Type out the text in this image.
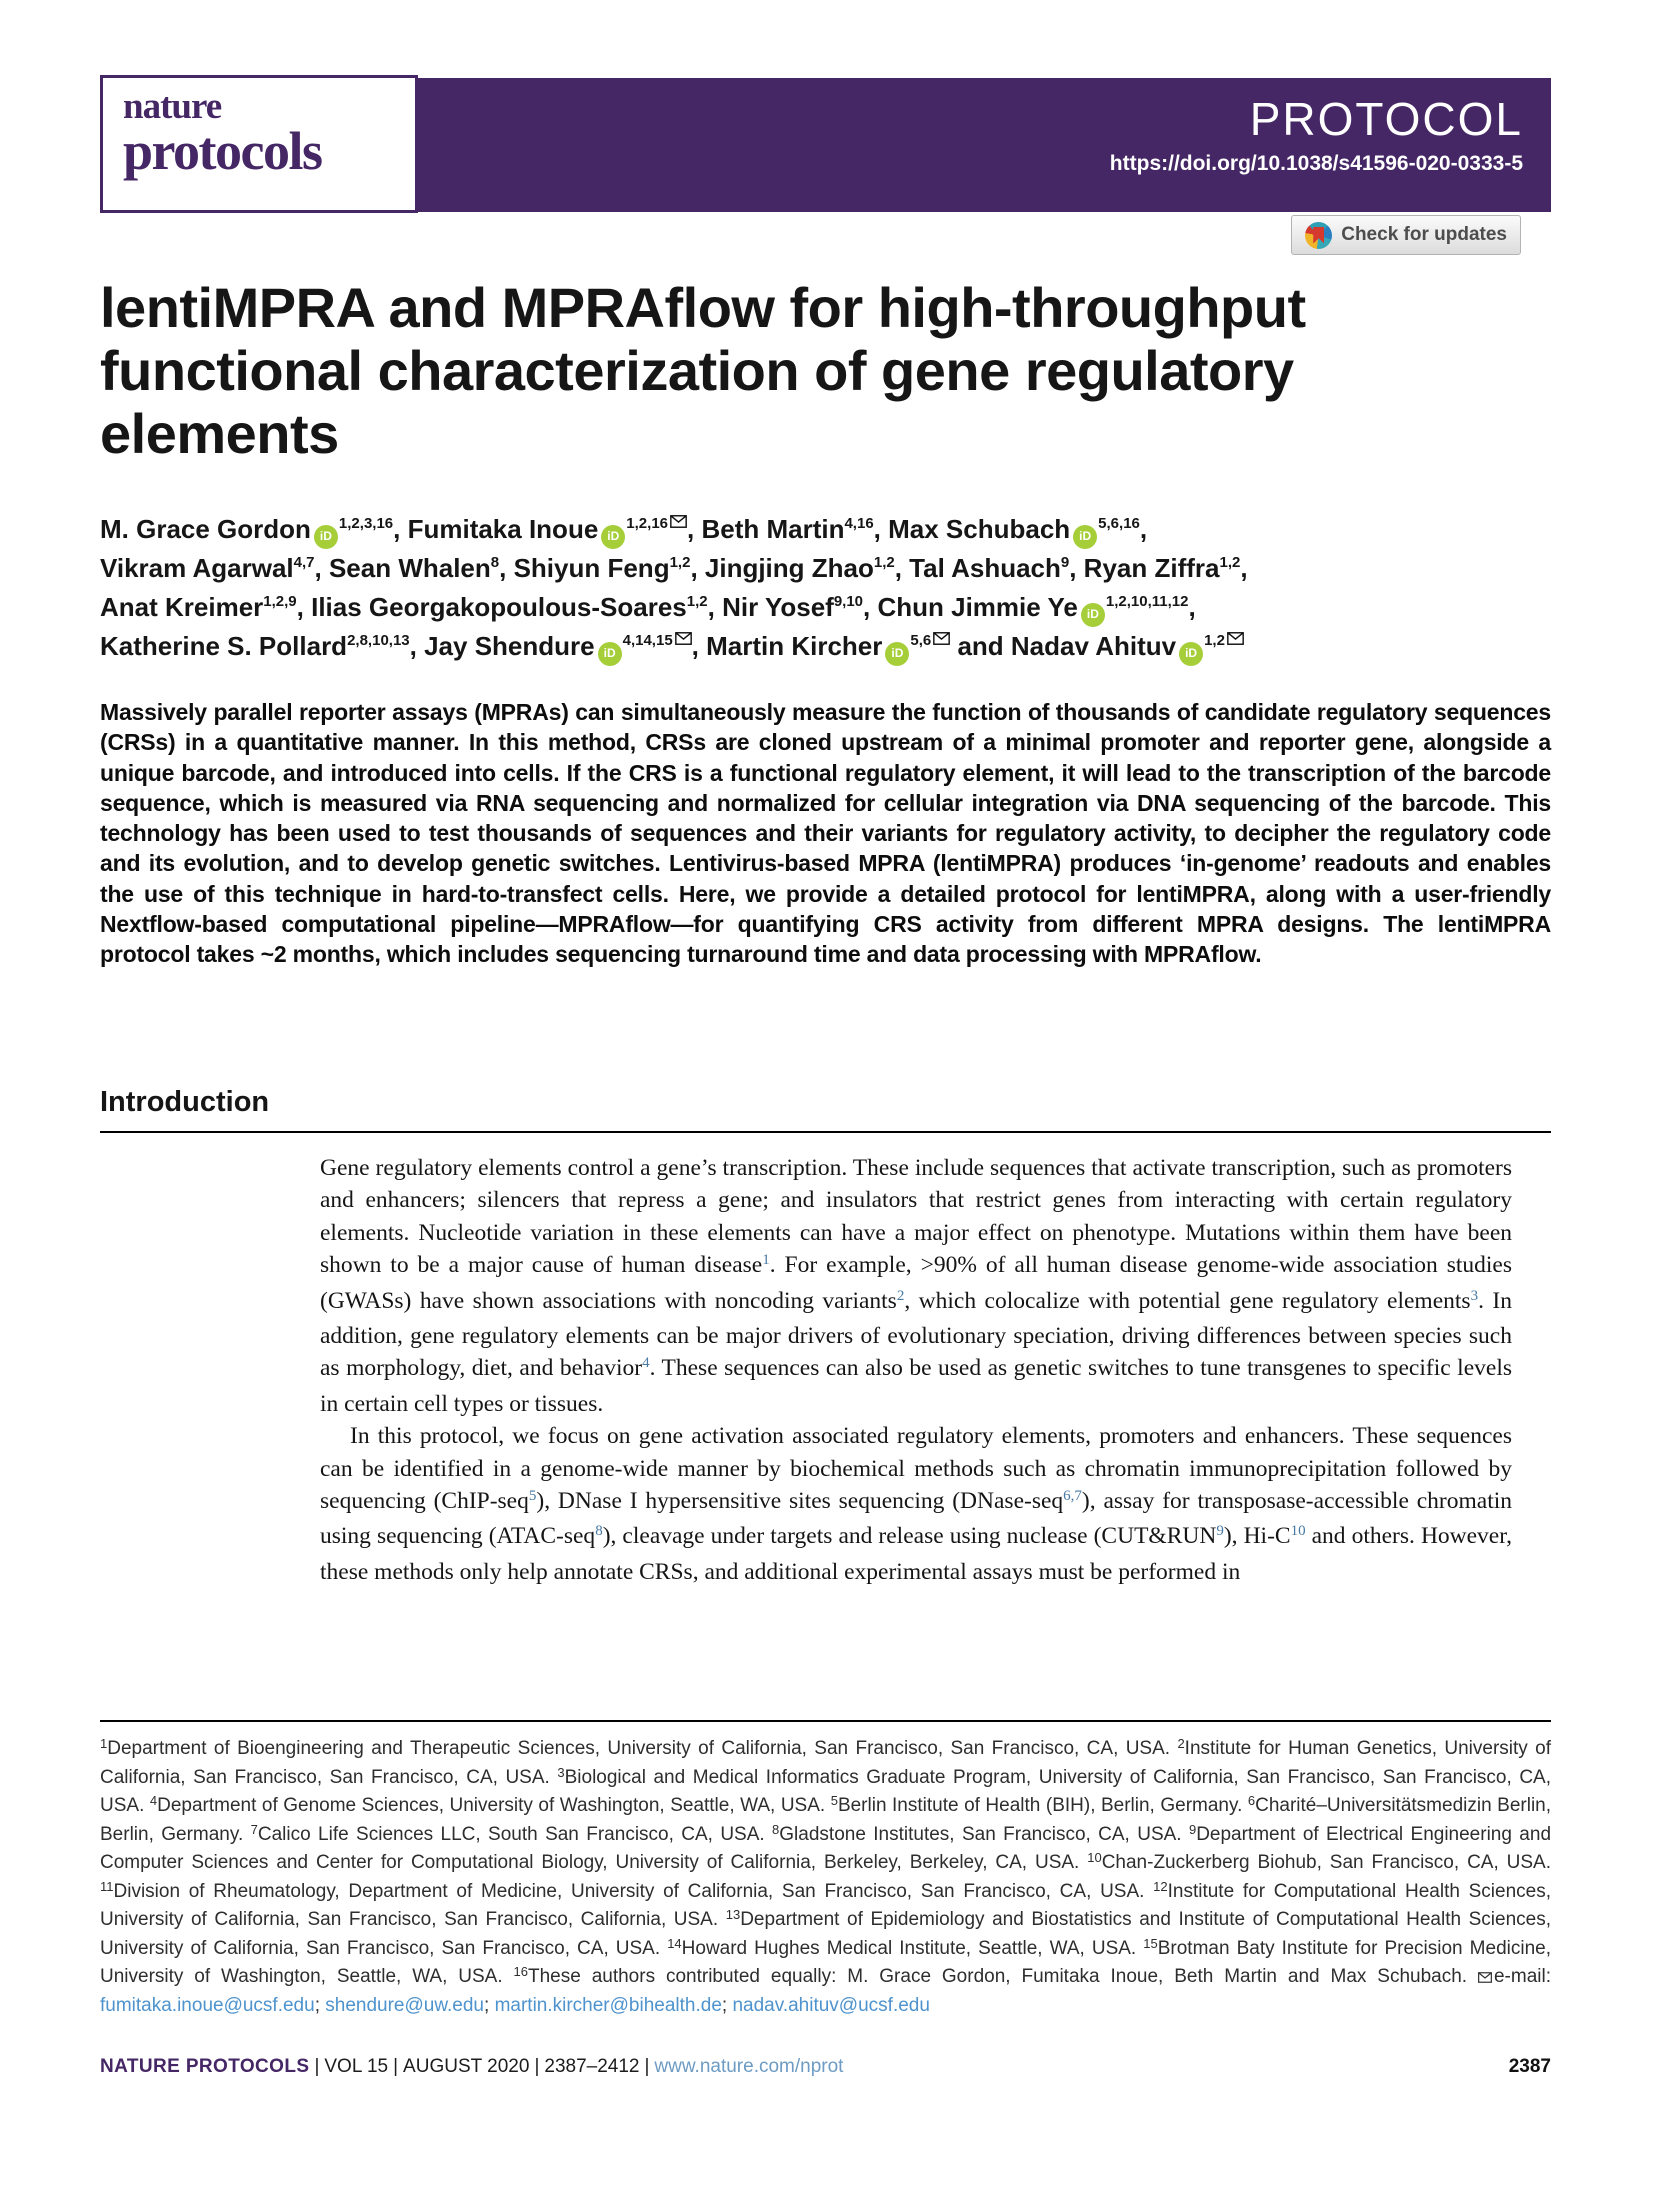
nature
protocols
PROTOCOL
https://doi.org/10.1038/s41596-020-0333-5
Check for updates
lentiMPRA and MPRAflow for high-throughput
functional characterization of gene regulatory
elements
M. Grace Gordon iD$^{1,2,3,16}$, Fumitaka Inoue iD$^{1,2,16}$ , Beth Martin$^{4,16}$, Max Schubach iD$^{5,6,16}$,
Vikram Agarwal$^{4,7}$, Sean Whalen$^8$, Shiyun Feng$^{1,2}$, Jingjing Zhao$^{1,2}$, Tal Ashuach$^9$, Ryan Ziffra$^{1,2}$,
Anat Kreimer$^{1,2,9}$, Ilias Georgakopoulous-Soares$^{1,2}$, Nir Yosef$^{9,10}$, Chun Jimmie Ye iD$^{1,2,10,11,12}$,
Katherine S. Pollard$^{2,8,10,13}$, Jay Shendure iD$^{4,14,15}$ , Martin Kircher iD$^{5,6}$ and Nadav Ahituv iD$^{1,2}$

Massively parallel reporter assays (MPRAs) can simultaneously measure the function of thousands of candidate regulatory sequences (CRSs) in a quantitative manner. In this method, CRSs are cloned upstream of a minimal promoter and reporter gene, alongside a unique barcode, and introduced into cells. If the CRS is a functional regulatory element, it will lead to the transcription of the barcode sequence, which is measured via RNA sequencing and normalized for cellular integration via DNA sequencing of the barcode. This technology has been used to test thousands of sequences and their variants for regulatory activity, to decipher the regulatory code and its evolution, and to develop genetic switches. Lentivirus-based MPRA (lentiMPRA) produces ‘in-genome’ readouts and enables the use of this technique in hard-to-transfect cells. Here, we provide a detailed protocol for lentiMPRA, along with a user-friendly Nextflow-based computational pipeline—MPRAflow—for quantifying CRS activity from different MPRA designs. The lentiMPRA protocol takes ~2 months, which includes sequencing turnaround time and data processing with MPRAflow.

Introduction

Gene regulatory elements control a gene’s transcription. These include sequences that activate transcription, such as promoters and enhancers; silencers that repress a gene; and insulators that restrict genes from interacting with certain regulatory elements. Nucleotide variation in these elements can have a major effect on phenotype. Mutations within them have been shown to be a major cause of human disease$^1$. For example, >90% of all human disease genome-wide association studies (GWASs) have shown associations with noncoding variants$^2$, which colocalize with potential gene regulatory elements$^3$. In addition, gene regulatory elements can be major drivers of evolutionary speciation, driving differences between species such as morphology, diet, and behavior$^4$. These sequences can also be used as genetic switches to tune transgenes to specific levels in certain cell types or tissues.

In this protocol, we focus on gene activation associated regulatory elements, promoters and enhancers. These sequences can be identified in a genome-wide manner by biochemical methods such as chromatin immunoprecipitation followed by sequencing (ChIP-seq$^5$), DNase I hypersensitive sites sequencing (DNase-seq$^{6,7}$), assay for transposase-accessible chromatin using sequencing (ATAC-seq$^8$), cleavage under targets and release using nuclease (CUT&RUN$^9$), Hi-C$^{10}$ and others. However, these methods only help annotate CRSs, and additional experimental assays must be performed in

$^1$Department of Bioengineering and Therapeutic Sciences, University of California, San Francisco, San Francisco, CA, USA. $^2$Institute for Human Genetics, University of California, San Francisco, San Francisco, CA, USA. $^3$Biological and Medical Informatics Graduate Program, University of California, San Francisco, San Francisco, CA, USA. $^4$Department of Genome Sciences, University of Washington, Seattle, WA, USA. $^5$Berlin Institute of Health (BIH), Berlin, Germany. $^6$Charité–Universitätsmedizin Berlin, Berlin, Germany. $^7$Calico Life Sciences LLC, South San Francisco, CA, USA. $^8$Gladstone Institutes, San Francisco, CA, USA. $^9$Department of Electrical Engineering and Computer Sciences and Center for Computational Biology, University of California, Berkeley, Berkeley, CA, USA. $^{10}$Chan-Zuckerberg Biohub, San Francisco, CA, USA. $^{11}$Division of Rheumatology, Department of Medicine, University of California, San Francisco, San Francisco, CA, USA. $^{12}$Institute for Computational Health Sciences, University of California, San Francisco, San Francisco, California, USA. $^{13}$Department of Epidemiology and Biostatistics and Institute of Computational Health Sciences, University of California, San Francisco, San Francisco, CA, USA. $^{14}$Howard Hughes Medical Institute, Seattle, WA, USA. $^{15}$Brotman Baty Institute for Precision Medicine, University of Washington, Seattle, WA, USA. $^{16}$These authors contributed equally: M. Grace Gordon, Fumitaka Inoue, Beth Martin and Max Schubach. e-mail: fumitaka.inoue@ucsf.edu; shendure@uw.edu; martin.kircher@bihealth.de; nadav.ahituv@ucsf.edu

NATURE PROTOCOLS | VOL 15 | AUGUST 2020 | 2387–2412 | www.nature.com/nprot	2387
